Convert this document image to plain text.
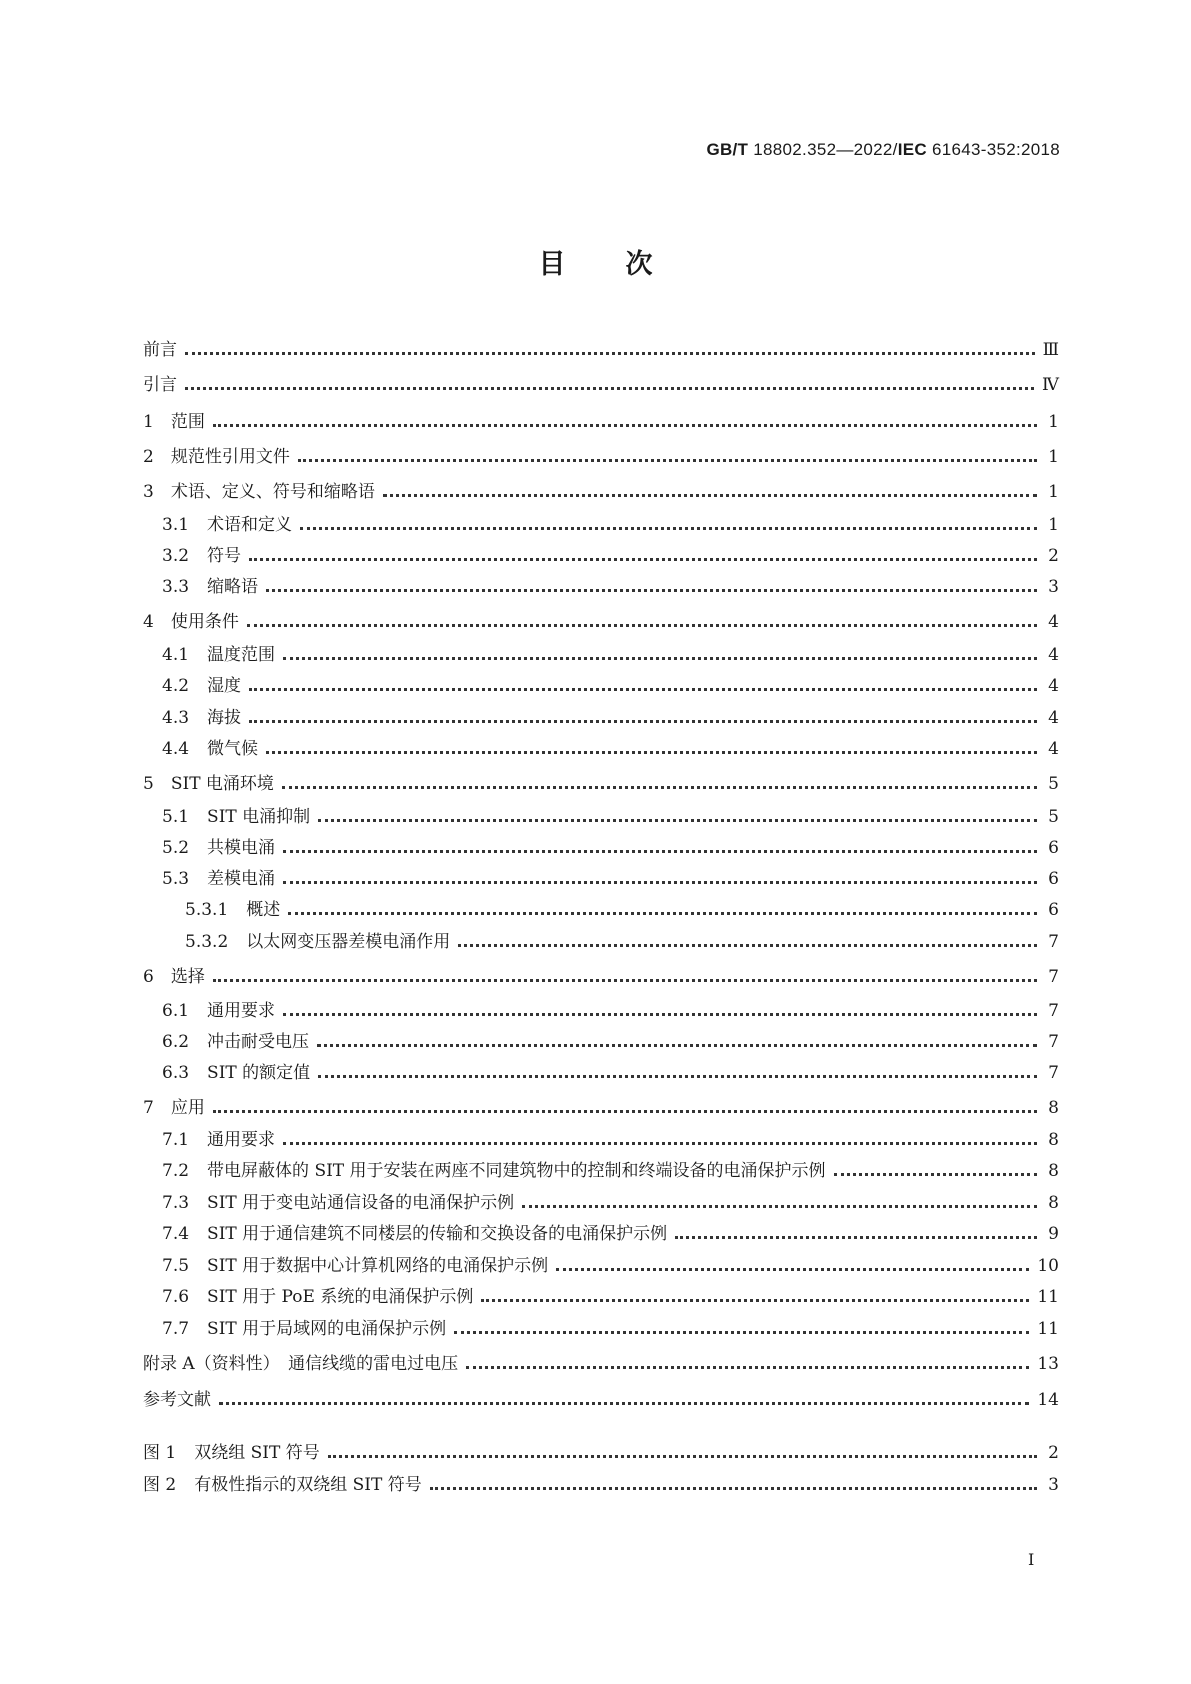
GB/T 18802.352—2022/IEC 61643-352:2018
目次
前言	Ⅲ
引言	Ⅳ
1 范围	1
2 规范性引用文件	1
3 术语、定义、符号和缩略语	1
3.1 术语和定义	1
3.2 符号	2
3.3 缩略语	3
4 使用条件	4
4.1 温度范围	4
4.2 湿度	4
4.3 海拔	4
4.4 微气候	4
5 SIT 电涌环境	5
5.1 SIT 电涌抑制	5
5.2 共模电涌	6
5.3 差模电涌	6
5.3.1 概述	6
5.3.2 以太网变压器差模电涌作用	7
6 选择	7
6.1 通用要求	7
6.2 冲击耐受电压	7
6.3 SIT 的额定值	7
7 应用	8
7.1 通用要求	8
7.2 带电屏蔽体的 SIT 用于安装在两座不同建筑物中的控制和终端设备的电涌保护示例	8
7.3 SIT 用于变电站通信设备的电涌保护示例	8
7.4 SIT 用于通信建筑不同楼层的传输和交换设备的电涌保护示例	9
7.5 SIT 用于数据中心计算机网络的电涌保护示例	10
7.6 SIT 用于 PoE 系统的电涌保护示例	11
7.7 SIT 用于局域网的电涌保护示例	11
附录 A（资料性）　通信线缆的雷电过电压	13
参考文献	14
图 1 双绕组 SIT 符号	2
图 2 有极性指示的双绕组 SIT 符号	3
I
